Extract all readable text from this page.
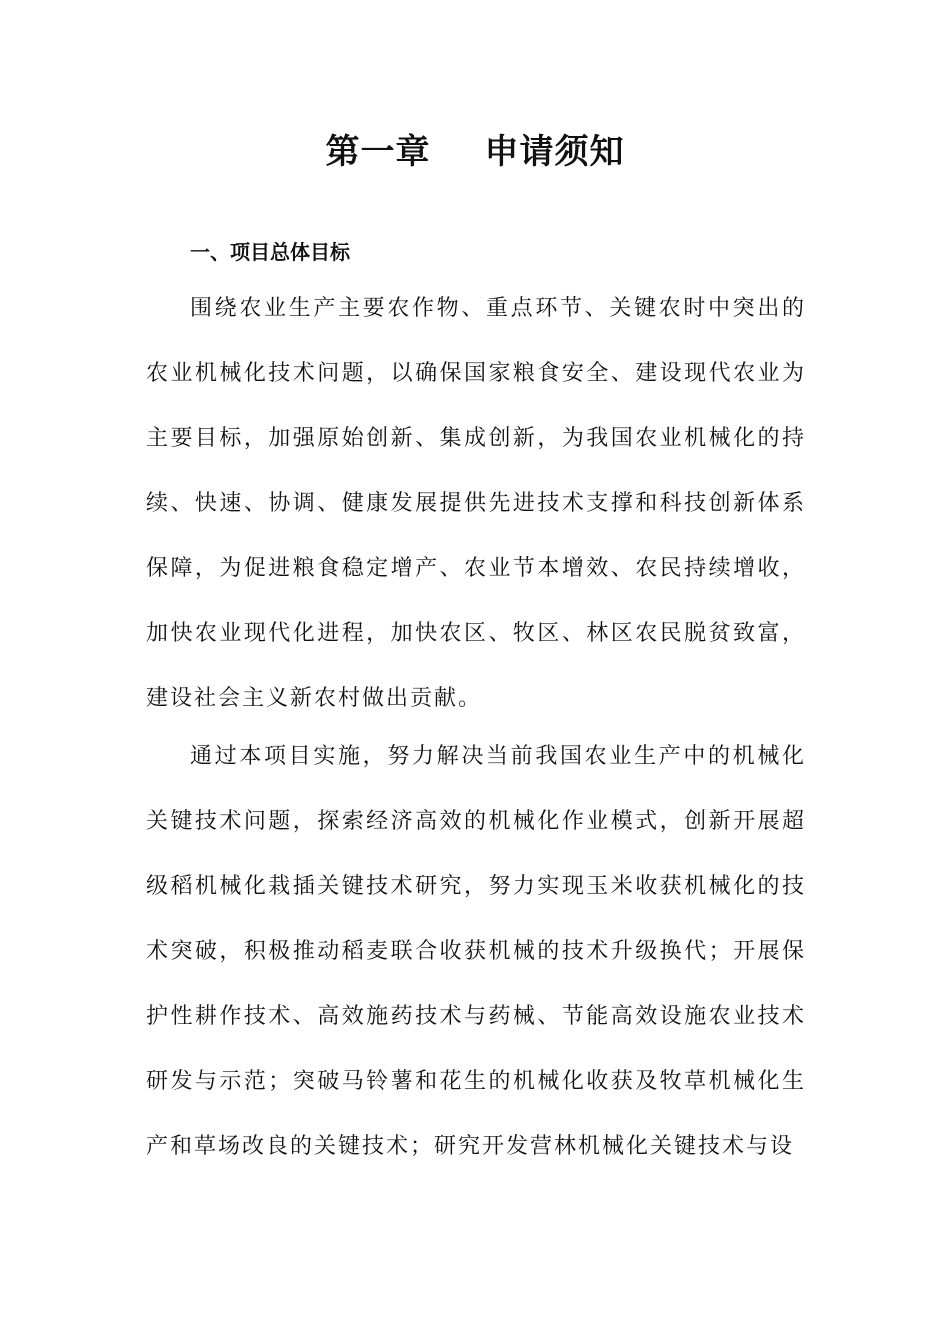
第一章 申请须知
一、项目总体目标

围绕农业生产主要农作物、重点环节、关键农时中突出的农业机械化技术问题，以确保国家粮食安全、建设现代农业为主要目标，加强原始创新、集成创新，为我国农业机械化的持续、快速、协调、健康发展提供先进技术支撑和科技创新体系保障，为促进粮食稳定增产、农业节本增效、农民持续增收，加快农业现代化进程，加快农区、牧区、林区农民脱贫致富，建设社会主义新农村做出贡献。

通过本项目实施，努力解决当前我国农业生产中的机械化关键技术问题，探索经济高效的机械化作业模式，创新开展超级稻机械化栽插关键技术研究，努力实现玉米收获机械化的技术突破，积极推动稻麦联合收获机械的技术升级换代；开展保护性耕作技术、高效施药技术与药械、节能高效设施农业技术研发与示范；突破马铃薯和花生的机械化收获及牧草机械化生产和草场改良的关键技术；研究开发营林机械化关键技术与设
